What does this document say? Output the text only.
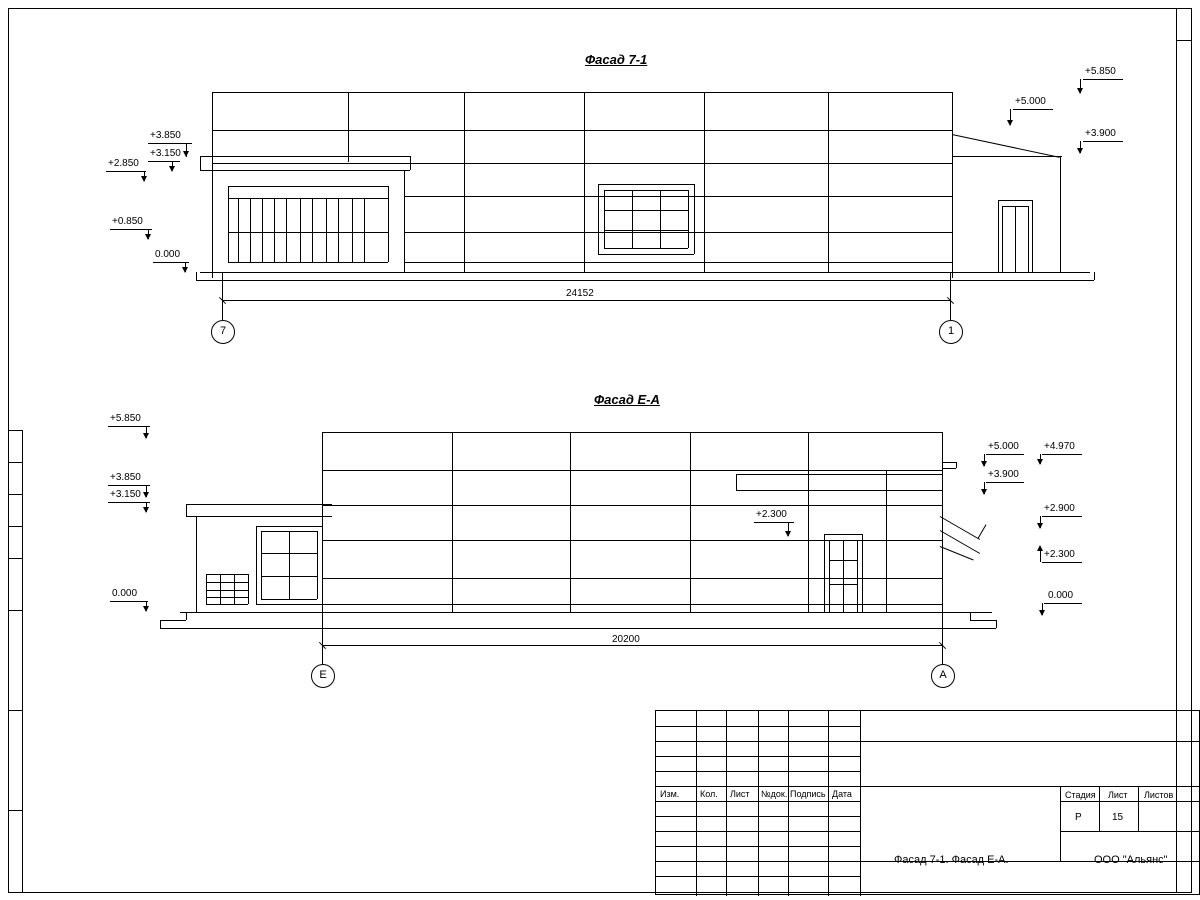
Фасад 7-1
+3.850
+3.150
+2.850
+0.850
0.000
+5.850
+5.000
+3.900
24152
7	1
Фасад Е-А
+5.850
+3.850
+3.150
0.000
+2.300
+5.000	+4.970
+3.900
+2.900
+2.300
0.000
20200
Е	А
Изм. Кол. Лист №док. Подпись Дата	Стадия Лист Листов
Р	15
Фасад 7-1. Фасад Е-А.	ООО "Альянс"
